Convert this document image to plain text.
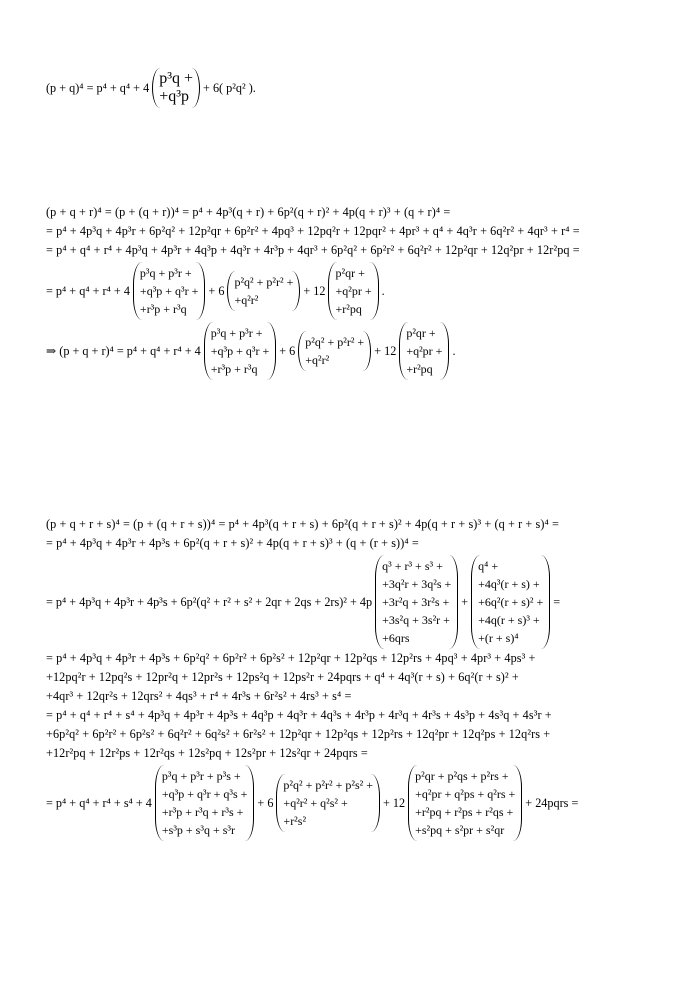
(p + q)⁴ = p⁴ + q⁴ + 4
p³q +
+q³p	+ 6( p²q² ).
(p + q + r)⁴ = (p + (q + r))⁴ = p⁴ + 4p³(q + r) + 6p²(q + r)² + 4p(q + r)³ + (q + r)⁴ =
= p⁴ + 4p³q + 4p³r + 6p²q² + 12p²qr + 6p²r² + 4pq³ + 12pq²r + 12pqr² + 4pr³ + q⁴ + 4q³r + 6q²r² + 4qr³ + r⁴ =
= p⁴ + q⁴ + r⁴ + 4p³q + 4p³r + 4q³p + 4q³r + 4r³p + 4qr³ + 6p²q² + 6p²r² + 6q²r² + 12p²qr + 12q²pr + 12r²pq =
= p⁴ + q⁴ + r⁴ + 4
p³q + p³r +
+q³p + q³r +
+r³p + r³q
+ 6
p²q² + p²r² +
+q²r²
+ 12
p²qr +
+q²pr +
+r²pq
.
⇒ (p + q + r)⁴ = p⁴ + q⁴ + r⁴ + 4
p³q + p³r +
+q³p + q³r +
+r³p + r³q
+ 6
p²q² + p²r² +
+q²r²
+ 12
p²qr +
+q²pr +
+r²pq
.
(p + q + r + s)⁴ = (p + (q + r + s))⁴ = p⁴ + 4p³(q + r + s) + 6p²(q + r + s)² + 4p(q + r + s)³ + (q + r + s)⁴ =
= p⁴ + 4p³q + 4p³r + 4p³s + 6p²(q + r + s)² + 4p(q + r + s)³ + (q + (r + s))⁴ =
= p⁴ + 4p³q + 4p³r + 4p³s + 6p²(q² + r² + s² + 2qr + 2qs + 2rs)² + 4p
q³ + r³ + s³ +
+3q²r + 3q²s +
+3r²q + 3r²s +
+3s²q + 3s²r +
+6qrs
+
q⁴ +
+4q³(r + s) +
+6q²(r + s)² +
+4q(r + s)³ +
+(r + s)⁴
=
= p⁴ + 4p³q + 4p³r + 4p³s + 6p²q² + 6p²r² + 6p²s² + 12p²qr + 12p²qs + 12p²rs + 4pq³ + 4pr³ + 4ps³ +
+12pq²r + 12pq²s + 12pr²q + 12pr²s + 12ps²q + 12ps²r + 24pqrs + q⁴ + 4q³(r + s) + 6q²(r + s)² +
+4qr³ + 12qr²s + 12qrs² + 4qs³ + r⁴ + 4r³s + 6r²s² + 4rs³ + s⁴ =
= p⁴ + q⁴ + r⁴ + s⁴ + 4p³q + 4p³r + 4p³s + 4q³p + 4q³r + 4q³s + 4r³p + 4r³q + 4r³s + 4s³p + 4s³q + 4s³r +
+6p²q² + 6p²r² + 6p²s² + 6q²r² + 6q²s² + 6r²s² + 12p²qr + 12p²qs + 12p²rs + 12q²pr + 12q²ps + 12q²rs +
+12r²pq + 12r²ps + 12r²qs + 12s²pq + 12s²pr + 12s²qr + 24pqrs =
= p⁴ + q⁴ + r⁴ + s⁴ + 4
p³q + p³r + p³s +
+q³p + q³r + q³s +
+r³p + r³q + r³s +
+s³p + s³q + s³r
+ 6
p²q² + p²r² + p²s² +
+q²r² + q²s² +
+r²s²
+ 12
p²qr + p²qs + p²rs +
+q²pr + q²ps + q²rs +
+r²pq + r²ps + r²qs +
+s²pq + s²pr + s²qr
+ 24pqrs =
